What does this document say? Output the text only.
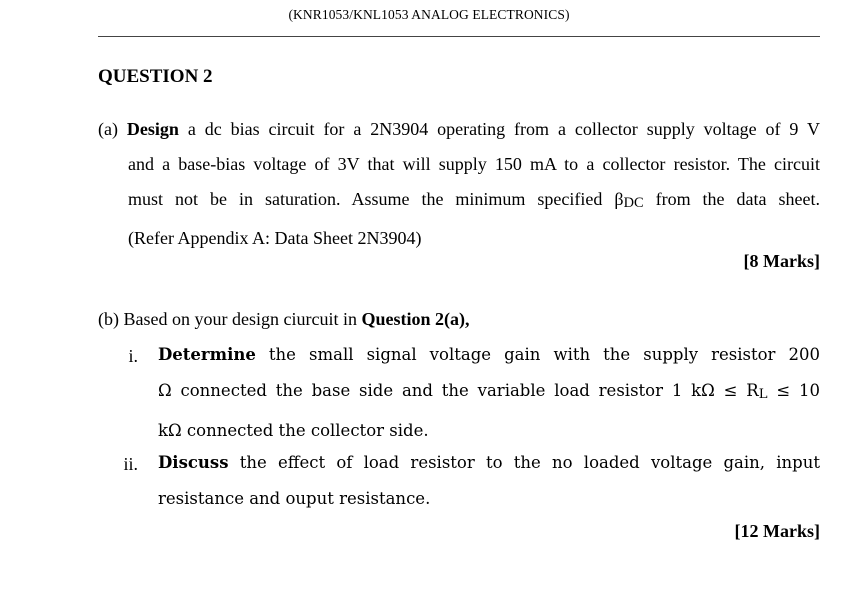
(KNR1053/KNL1053 ANALOG ELECTRONICS)
QUESTION 2
(a) Design a dc bias circuit for a 2N3904 operating from a collector supply voltage of 9 V
and a base-bias voltage of 3V that will supply 150 mA to a collector resistor. The circuit
must not be in saturation. Assume the minimum specified $\beta_{DC}$ from the data sheet.
(Refer Appendix A: Data Sheet 2N3904)
[8 Marks]
(b) Based on your design ciurcuit in Question 2(a),
i. Determine the small signal voltage gain with the supply resistor 200
Ω connected the base side and the variable load resistor 1 $k\Omega \le R_L \le 10$
kΩ connected the collector side.
ii. Discuss the effect of load resistor to the no loaded voltage gain, input
resistance and ouput resistance.
[12 Marks]
